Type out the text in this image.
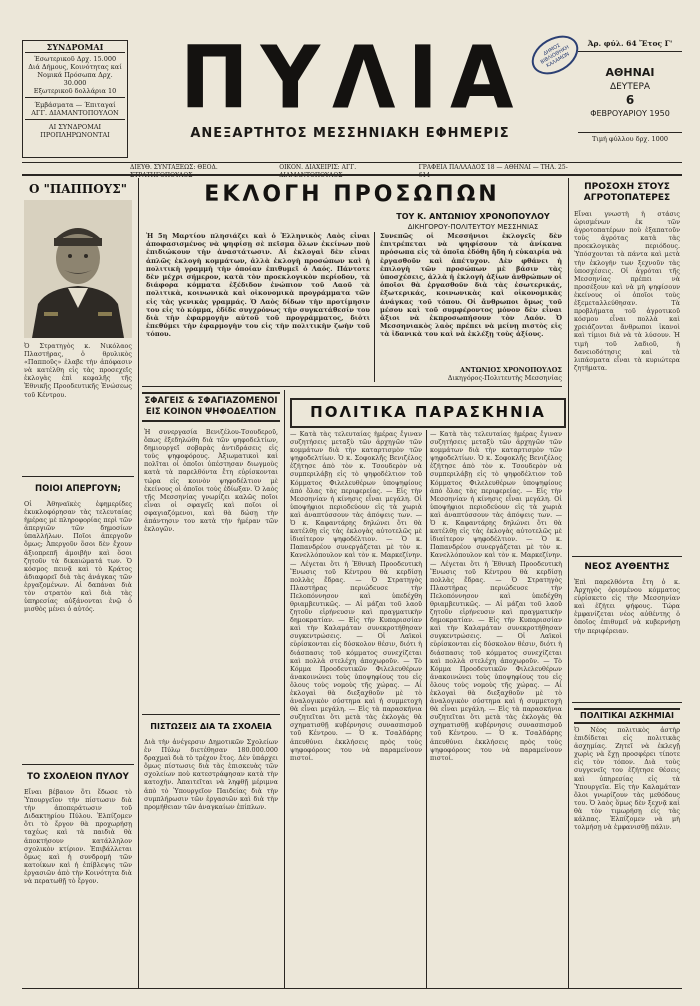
ΣΥΝΔΡΟΜΑΙ
Έσωτερικοῦ Δρχ. 15.000
Διά Δήμους, Κοινότητας καί
Νομικά Πρόσωπα Δρχ. 30.000
Εξωτερικοῦ δολλάρια 10
Έμβάσματα — Έπιταγαί
ΑΓΓ. ΔΙΑΜΑΝΤΟΠΟΥΛΟΝ
ΑΙ ΣΥΝΔΡΟΜΑΙ
ΠΡΟΠΛΗΡΩΝΟΝΤΑΙ
ΠΥΛΙΑ
ΑΝΕΞΑΡΤΗΤΟΣ ΜΕΣΣΗΝΙΑΚΗ ΕΦΗΜΕΡΙΣ
ΔΗΜΟΣ ΒΙΒΛΙΟΘΗΚΗ ΚΑΛΑΜΩΝ
Ἀρ. φύλ. 64 Ἔτος Γ'
ΑΘΗΝΑΙ
ΔΕΥΤΕΡΑ
6
ΦΕΒΡΟΥΑΡΙΟΥ 1950
Τιμή φύλλου δρχ. 1000
ΔΙΕΥΘ. ΣΥΝΤΑΞΕΩΣ: ΘΕΟΔ.	ΟΙΚΟΝ. ΔΙΑΧΕΙΡΙΣ: ΑΓΓ.	ΓΡΑΦΕΙΑ ΠΑΛΛΑΔΟΣ 18 — ΑΘΗΝΑΙ — ΤΗΛ. 25-
Ο "ΠΑΠΠΟΥΣ"
Ὁ Στρατηγὸς κ. Νικόλαος Πλαστήρας, ὁ θρυλικὸς «Παπποῦς» ἐλαβε τὴν ἀπόφασιν νὰ κατέλθη εἰς τὰς προσεχεῖς ἐκλογὰς ἐπὶ κεφαλῆς τῆς Ἐθνικῆς Προοδευτικῆς Ἑνώσεως τοῦ Κέντρου.
ΠΟΙΟΙ ΑΠΕΡΓΟΥΝ;
Οἱ Ἀθηναϊκὲς ἐφημερίδες ἐκυκλοφόρησαν τὰς τελευταίας ἡμέρας μὲ πληροφορίας περὶ τῶν ἀπεργιῶν τῶν δημοσίων ὑπαλλήλων. Ποῖοι ἀπεργοῦν ὅμως; Ἀπεργοῦν ὅσοι δὲν ἔχουν ἀξιοπρεπῆ ἀμοιβὴν καὶ ὅσοι ζητοῦν τὰ δικαιώματά των. Ὁ κόσμος πεινᾷ καὶ τὸ Κράτος ἀδιαφορεῖ διὰ τὰς ἀνάγκας τῶν ἐργαζομένων. Αἱ δαπάναι διὰ τὸν στρατὸν καὶ διὰ τὰς ὑπηρεσίας αὐξάνονται ἐνῷ ὁ μισθὸς μένει ὁ αὐτός.
ΤΟ ΣΧΟΛΕΙΟΝ ΠΥΛΟΥ
Εἶναι βέβαιον ὅτι ἔδωσε τὸ Ὑπουργεῖον τὴν πίστωσιν διὰ τὴν ἀποπεράτωσιν τοῦ Διδακτηρίου Πύλου. Ἐλπίζομεν ὅτι τὸ ἔργον θὰ προχωρήσῃ ταχέως καὶ τὰ παιδιὰ θὰ ἀποκτήσουν κατάλληλον σχολικὸν κτίριον. Ἐπιβάλλεται ὅμως καὶ ἡ συνδρομὴ τῶν κατοίκων καὶ ἡ ἐπίβλεψις τῶν ἐργασιῶν ἀπὸ τὴν Κοινότητα διὰ νὰ περατωθῇ τὸ ἔργον.
ΕΚΛΟΓΗ ΠΡΟΣΩΠΩΝ
ΤΟΥ Κ. ΑΝΤΩΝΙΟΥ ΧΡΟΝΟΠΟΥΛΟΥ
ΔΙΚΗΓΟΡΟΥ-ΠΟΛΙΤΕΥΤΟΥ ΜΕΣΣΗΝΙΑΣ
Ἡ 5η Μαρτίου πλησιάζει καὶ ὁ Ἑλληνικὸς Λαὸς εἶναι ἀποφασισμένος νὰ ψηφίσῃ σὲ πεῖσμα ὅλων ἐκείνων ποὺ ἐπιδιώκουν τὴν ἀναστάτωσιν. Αἱ ἐκλογαὶ δὲν εἶναι ἀπλῶς ἐκλογὴ κομμάτων, ἀλλὰ ἐκλογὴ προσώπων καὶ ἡ πολιτικὴ γραμμὴ τὴν ὁποίαν ἐπιθυμεῖ ὁ Λαός. Πάντοτε δὲν μέχρι σήμερον, κατὰ τὸν προεκλογικὸν περίοδον, τὰ διάφορα κόμματα ἐξέδιδον ἐνώπιον τοῦ Λαοῦ τὰ πολιτικὰ, κοινωνικὰ καὶ οἰκονομικὰ προγράμματα τῶν εἰς τὰς γενικὰς γραμμάς. Ὁ Λαὸς δίδων τὴν προτίμησιν του εἰς τὸ κόμμα, ἐδίδε συγχρόνως τὴν συγκατάθεσίν του διὰ τὴν ἐφαρμογὴν αὐτοῦ τοῦ προγράμματος, διότι ἐπεθύμει τὴν ἐφαρμογὴν του εἰς τὴν πολιτικὴν ζωὴν τοῦ τόπου.
Συνεπῶς οἱ Μεσσήνιοι ἐκλογεῖς δὲν ἐπιτρέπεται νὰ ψηφίσουν τὰ ἀνίκανα πρόσωπα εἰς τὰ ὁποῖα ἐδόθη ἤδη ἡ εὐκαιρία νὰ ἐργασθοῦν καὶ ἀπέτυχον. Δὲν φθάνει ἡ ἐπιλογὴ τῶν προσώπων μὲ βάσιν τὰς ὑποσχέσεις, ἀλλὰ ἡ ἐκλογὴ ἀξίων ἀνθρώπων οἱ ὁποῖοι θὰ ἐργασθοῦν διὰ τὰς ἐσωτερικάς, ἐξωτερικάς, κοινωνικὰς καὶ οἰκονομικὰς ἀνάγκας τοῦ τόπου. Οἱ ἄνθρωποι ὅμως τοῦ μέσου καὶ τοῦ συμφέροντος μόνον δὲν εἶναι ἄξιοι νὰ ἐκπροσωπήσουν τὸν Λαόν. Ὁ Μεσσηνιακὸς λαὸς πρέπει νὰ μείνῃ πιστὸς εἰς τὰ ἰδανικὰ του καὶ νὰ ἐκλέξῃ τοὺς ἀξίους.
ΑΝΤΩΝΙΟΣ ΧΡΟΝΟΠΟΥΛΟΣ
Δικηγόρος-Πολιτευτὴς Μεσσηνίας
ΣΦΑΓΕΙΣ & ΣΦΑΓΙΑΖΟΜΕΝΟΙ ΕΙΣ ΚΟΙΝΟΝ ΨΗΦΟΔΕΛΤΙΟΝ
Ἡ συνεργασία Βενιζέλου-Τσουδεροῦ, ὅπως ἐξεδηλώθη διὰ τῶν ψηφοδελτίων, δημιουργεῖ σοβαρὰς ἀντιδράσεις εἰς τοὺς ψηφοφόρους. Ἀξιωματικοὶ καὶ πολῖται οἱ ὁποῖοι ὑπέστησαν διωγμοὺς κατὰ τὰ παρελθόντα ἔτη εὑρίσκονται τώρα εἰς κοινὸν ψηφοδέλτιον μὲ ἐκείνους οἱ ὁποῖοι τοὺς ἐδίωξαν. Ὁ λαὸς τῆς Μεσσηνίας γνωρίζει καλῶς ποῖοι εἶναι οἱ σφαγεῖς καὶ ποῖοι οἱ σφαγιαζόμενοι, καὶ θὰ δώσῃ τὴν ἀπάντησιν του κατὰ τὴν ἡμέραν τῶν ἐκλογῶν.
ΠΙΣΤΩΣΕΙΣ ΔΙΑ ΤΑ ΣΧΟΛΕΙΑ
Διὰ τὴν ἀνέγερσιν Δημοτικῶν Σχολείων ἐν Πύλῳ διετέθησαν 180.000.000 δραχμαὶ διὰ τὸ τρέχον ἔτος. Δὲν ὑπάρχει ὅμως πίστωσις διὰ τὰς ἐπισκευὰς τῶν σχολείων ποὺ κατεστράφησαν κατὰ τὴν κατοχήν. Ἀπαιτεῖται νὰ ληφθῇ μέριμνα ἀπὸ τὸ Ὑπουργεῖον Παιδείας διὰ τὴν συμπλήρωσιν τῶν ἐργασιῶν καὶ διὰ τὴν προμήθειαν τῶν ἀναγκαίων ἐπίπλων.
ΠΟΛΙΤΙΚΑ ΠΑΡΑΣΚΗΝΙΑ
— Κατὰ τὰς τελευταίας ἡμέρας ἔγιναν συζητήσεις μεταξὺ τῶν ἀρχηγῶν τῶν κομμάτων διὰ τὴν καταρτισμὸν τῶν ψηφοδελτίων. Ὁ κ. Σοφοκλῆς Βενιζέλος ἐζήτησε ἀπὸ τὸν κ. Τσουδερὸν νὰ συμπεριλάβῃ εἰς τὸ ψηφοδέλτιον τοῦ Κόμματος Φιλελευθέρων ὑποψηφίους ἀπὸ ὅλας τὰς περιφερείας. — Εἰς τὴν Μεσσηνίαν ἡ κίνησις εἶναι μεγάλη. Οἱ ὑποψήφιοι περιοδεύουν εἰς τὰ χωριὰ καὶ ἀναπτύσσουν τὰς ἀπόψεις των. — Ὁ κ. Καφαντάρης δηλώνει ὅτι θὰ κατέλθῃ εἰς τὰς ἐκλογὰς αὐτοτελῶς μὲ ἰδιαίτερον ψηφοδέλτιον. — Ὁ κ. Παπανδρέου συνεργάζεται μὲ τὸν κ. Κανελλόπουλον καὶ τὸν κ. Μαρκεζίνην. — Λέγεται ὅτι ἡ Ἐθνικὴ Προοδευτικὴ Ἕνωσις τοῦ Κέντρου θὰ κερδίσῃ πολλὰς ἕδρας. — Ὁ Στρατηγὸς Πλαστήρας περιώδευσε τὴν Πελοπόννησον καὶ ὑπεδέχθη θριαμβευτικῶς. — Αἱ μάζαι τοῦ λαοῦ ζητοῦν εἰρήνευσιν καὶ πραγματικὴν δημοκρατίαν. — Εἰς τὴν Κυπαρισσίαν καὶ τὴν Καλαμάταν συνεκροτήθησαν συγκεντρώσεις. — Οἱ Λαϊκοὶ εὑρίσκονται εἰς δύσκολον θέσιν, διότι ἡ διάσπασις τοῦ κόμματος συνεχίζεται καὶ πολλὰ στελέχη ἀποχωροῦν. — Τὸ Κόμμα Προοδευτικῶν Φιλελευθέρων ἀνακοινώνει τοὺς ὑποψηφίους του εἰς ὅλους τοὺς νομοὺς τῆς χώρας. — Αἱ ἐκλογαὶ θὰ διεξαχθοῦν μὲ τὸ ἀναλογικὸν σύστημα καὶ ἡ συμμετοχὴ θὰ εἶναι μεγάλη. — Εἰς τὰ παρασκήνια συζητεῖται ὅτι μετὰ τὰς ἐκλογὰς θὰ σχηματισθῇ κυβέρνησις συνασπισμοῦ τοῦ Κέντρου. — Ὁ κ. Τσαλδάρης ἀπευθύνει ἐκκλήσεις πρὸς τοὺς ψηφοφόρους του νὰ παραμείνουν πιστοί.
— Κατὰ τὰς τελευταίας ἡμέρας ἔγιναν συζητήσεις μεταξὺ τῶν ἀρχηγῶν τῶν κομμάτων διὰ τὴν καταρτισμὸν τῶν ψηφοδελτίων. Ὁ κ. Σοφοκλῆς Βενιζέλος ἐζήτησε ἀπὸ τὸν κ. Τσουδερὸν νὰ συμπεριλάβῃ εἰς τὸ ψηφοδέλτιον τοῦ Κόμματος Φιλελευθέρων ὑποψηφίους ἀπὸ ὅλας τὰς περιφερείας. — Εἰς τὴν Μεσσηνίαν ἡ κίνησις εἶναι μεγάλη. Οἱ ὑποψήφιοι περιοδεύουν εἰς τὰ χωριὰ καὶ ἀναπτύσσουν τὰς ἀπόψεις των. — Ὁ κ. Καφαντάρης δηλώνει ὅτι θὰ κατέλθῃ εἰς τὰς ἐκλογὰς αὐτοτελῶς μὲ ἰδιαίτερον ψηφοδέλτιον. — Ὁ κ. Παπανδρέου συνεργάζεται μὲ τὸν κ. Κανελλόπουλον καὶ τὸν κ. Μαρκεζίνην. — Λέγεται ὅτι ἡ Ἐθνικὴ Προοδευτικὴ Ἕνωσις τοῦ Κέντρου θὰ κερδίσῃ πολλὰς ἕδρας. — Ὁ Στρατηγὸς Πλαστήρας περιώδευσε τὴν Πελοπόννησον καὶ ὑπεδέχθη θριαμβευτικῶς. — Αἱ μάζαι τοῦ λαοῦ ζητοῦν εἰρήνευσιν καὶ πραγματικὴν δημοκρατίαν. — Εἰς τὴν Κυπαρισσίαν καὶ τὴν Καλαμάταν συνεκροτήθησαν συγκεντρώσεις. — Οἱ Λαϊκοὶ εὑρίσκονται εἰς δύσκολον θέσιν, διότι ἡ διάσπασις τοῦ κόμματος συνεχίζεται καὶ πολλὰ στελέχη ἀποχωροῦν. — Τὸ Κόμμα Προοδευτικῶν Φιλελευθέρων ἀνακοινώνει τοὺς ὑποψηφίους του εἰς ὅλους τοὺς νομοὺς τῆς χώρας. — Αἱ ἐκλογαὶ θὰ διεξαχθοῦν μὲ τὸ ἀναλογικὸν σύστημα καὶ ἡ συμμετοχὴ θὰ εἶναι μεγάλη. — Εἰς τὰ παρασκήνια συζητεῖται ὅτι μετὰ τὰς ἐκλογὰς θὰ σχηματισθῇ κυβέρνησις συνασπισμοῦ τοῦ Κέντρου. — Ὁ κ. Τσαλδάρης ἀπευθύνει ἐκκλήσεις πρὸς τοὺς ψηφοφόρους του νὰ παραμείνουν πιστοί.
ΠΡΟΣΟΧΗ ΣΤΟΥΣ ΑΓΡΟΤΟΠΑΤΕΡΕΣ
Εἶναι γνωστὴ ἡ στάσις ὡρισμένων ἐκ τῶν ἀγροτοπατέρων ποὺ ἐξαπατοῦν τοὺς ἀγρότας κατὰ τὰς προεκλογικὰς περιόδους. Ὑπόσχονται τὰ πάντα καὶ μετὰ τὴν ἐκλογήν των ξεχνοῦν τὰς ὑποσχέσεις. Οἱ ἀγρόται τῆς Μεσσηνίας πρέπει νὰ προσέξουν καὶ νὰ μὴ ψηφίσουν ἐκείνους οἱ ὁποῖοι τοὺς ἐξεμεταλλεύθησαν. Τὰ προβλήματα τοῦ ἀγροτικοῦ κόσμου εἶναι πολλὰ καὶ χρειάζονται ἄνθρωποι ἱκανοὶ καὶ τίμιοι διὰ νὰ τὰ λύσουν. Ἡ τιμὴ τοῦ λαδιοῦ, ἡ δανειοδότησις καὶ τὰ λιπάσματα εἶναι τὰ κυριώτερα ζητήματα.
ΝΕΟΣ ΑΥΘΕΝΤΗΣ
Ἐπὶ παρελθόντα ἔτη ὁ κ. Ἀρχηγὸς ὁρισμένου κόμματος εὑρίσκετο εἰς τὴν Μεσσηνίαν καὶ ἐζήτει ψήφους. Τώρα ἐμφανίζεται νέος αὐθέντης ὁ ὁποῖος ἐπιθυμεῖ νὰ κυβερνήσῃ τὴν περιφέρειαν.
ΠΟΛΙΤΙΚΑΙ ΑΣΚΗΜΙΑΙ
Ὁ Νέος πολιτικὸς ἀστὴρ ἐπιδίδεται εἰς πολιτικὰς ἀσχημίας. Ζητεῖ νὰ ἐκλεγῇ χωρὶς νὰ ἔχῃ προσφέρει τίποτε εἰς τὸν τόπον. Διὰ τοὺς συγγενεῖς του ἐζήτησε θέσεις καὶ ὑπηρεσίας εἰς τὰ Ὑπουργεῖα. Εἰς τὴν Καλαμάταν ὅλοι γνωρίζουν τὰς μεθόδους του. Ὁ λαὸς ὅμως δὲν ξεχνᾷ καὶ θὰ τὸν τιμωρήσῃ εἰς τὰς κάλπας. Ἐλπίζομεν νὰ μὴ τολμήσῃ νὰ ἐμφανισθῇ πάλιν.
